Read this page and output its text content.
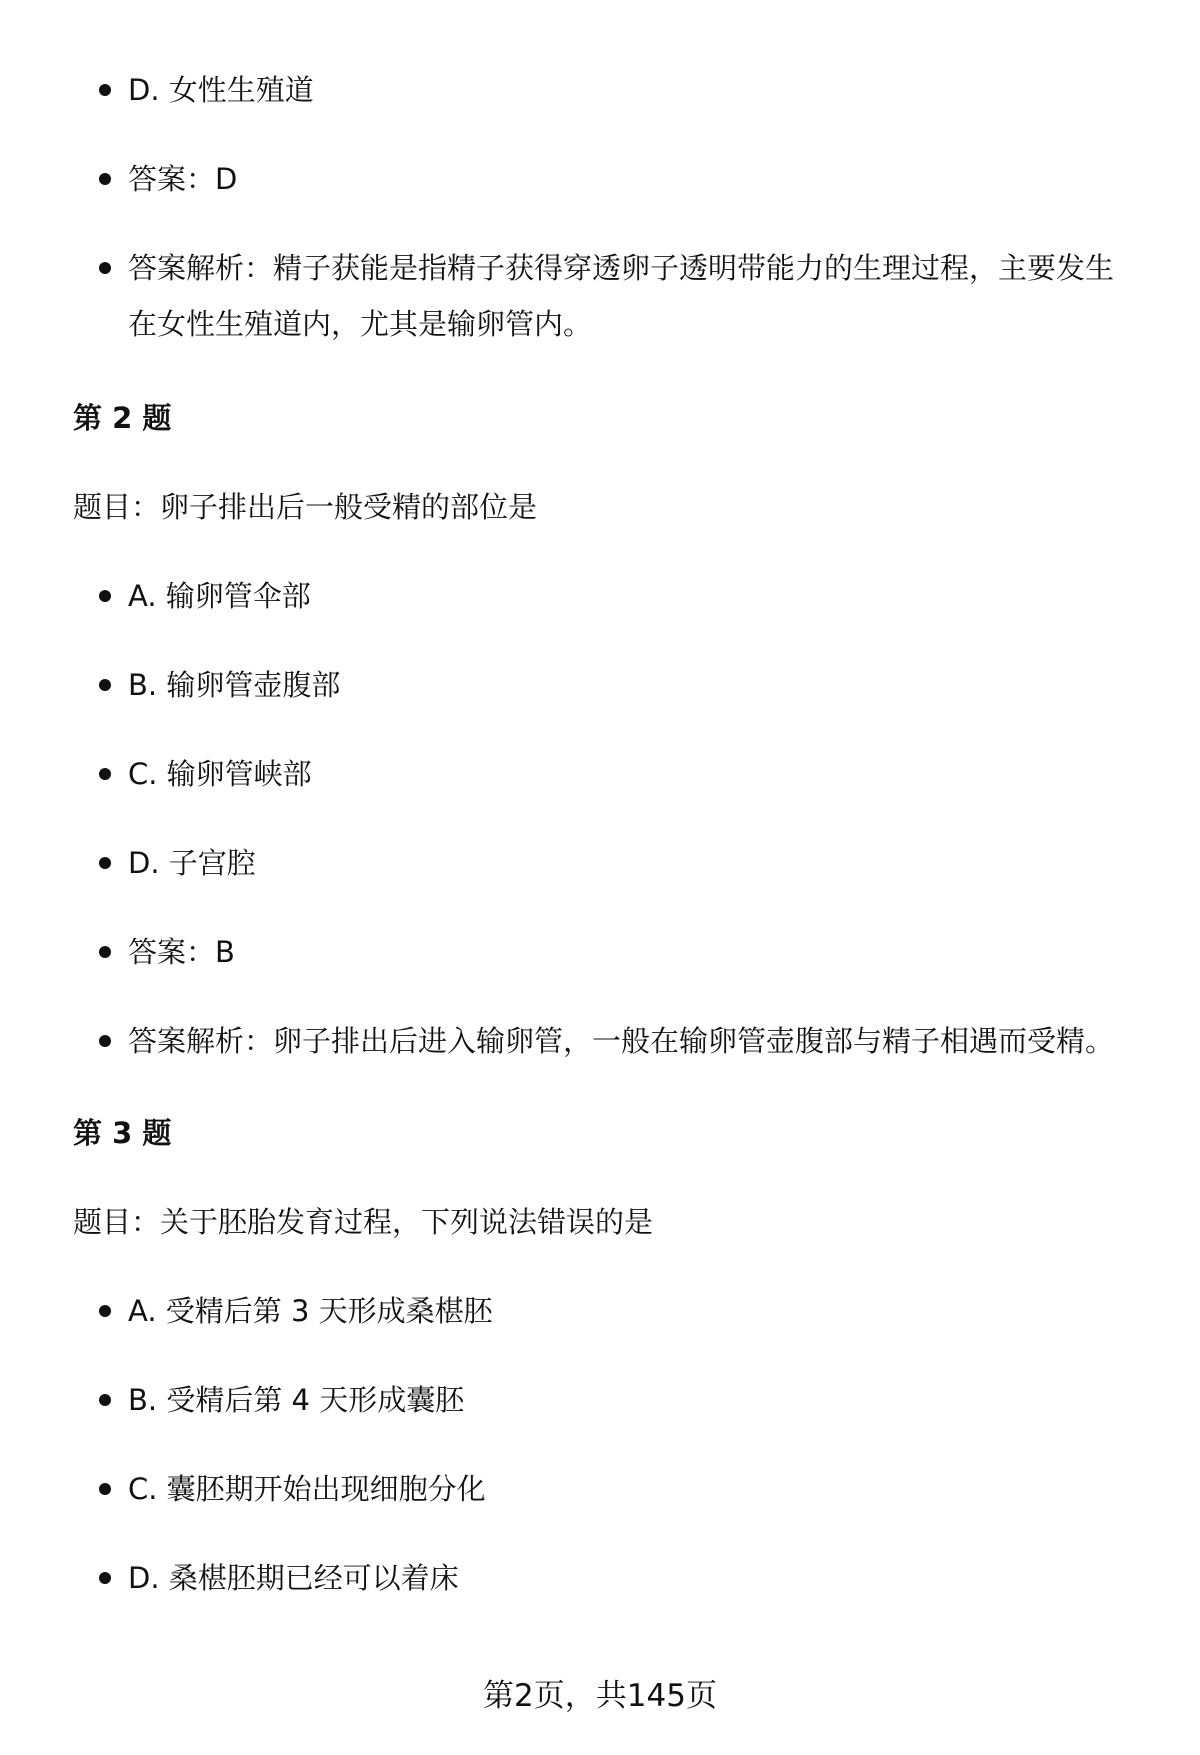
D. 女性生殖道
答案：D
答案解析：精子获能是指精子获得穿透卵子透明带能力的生理过程，主要发生在女性生殖道内，尤其是输卵管内。
第 2 题
题目：卵子排出后一般受精的部位是
A. 输卵管伞部
B. 输卵管壶腹部
C. 输卵管峡部
D. 子宫腔
答案：B
答案解析：卵子排出后进入输卵管，一般在输卵管壶腹部与精子相遇而受精。
第 3 题
题目：关于胚胎发育过程，下列说法错误的是
A. 受精后第 3 天形成桑椹胚
B. 受精后第 4 天形成囊胚
C. 囊胚期开始出现细胞分化
D. 桑椹胚期已经可以着床
第2页，共145页
